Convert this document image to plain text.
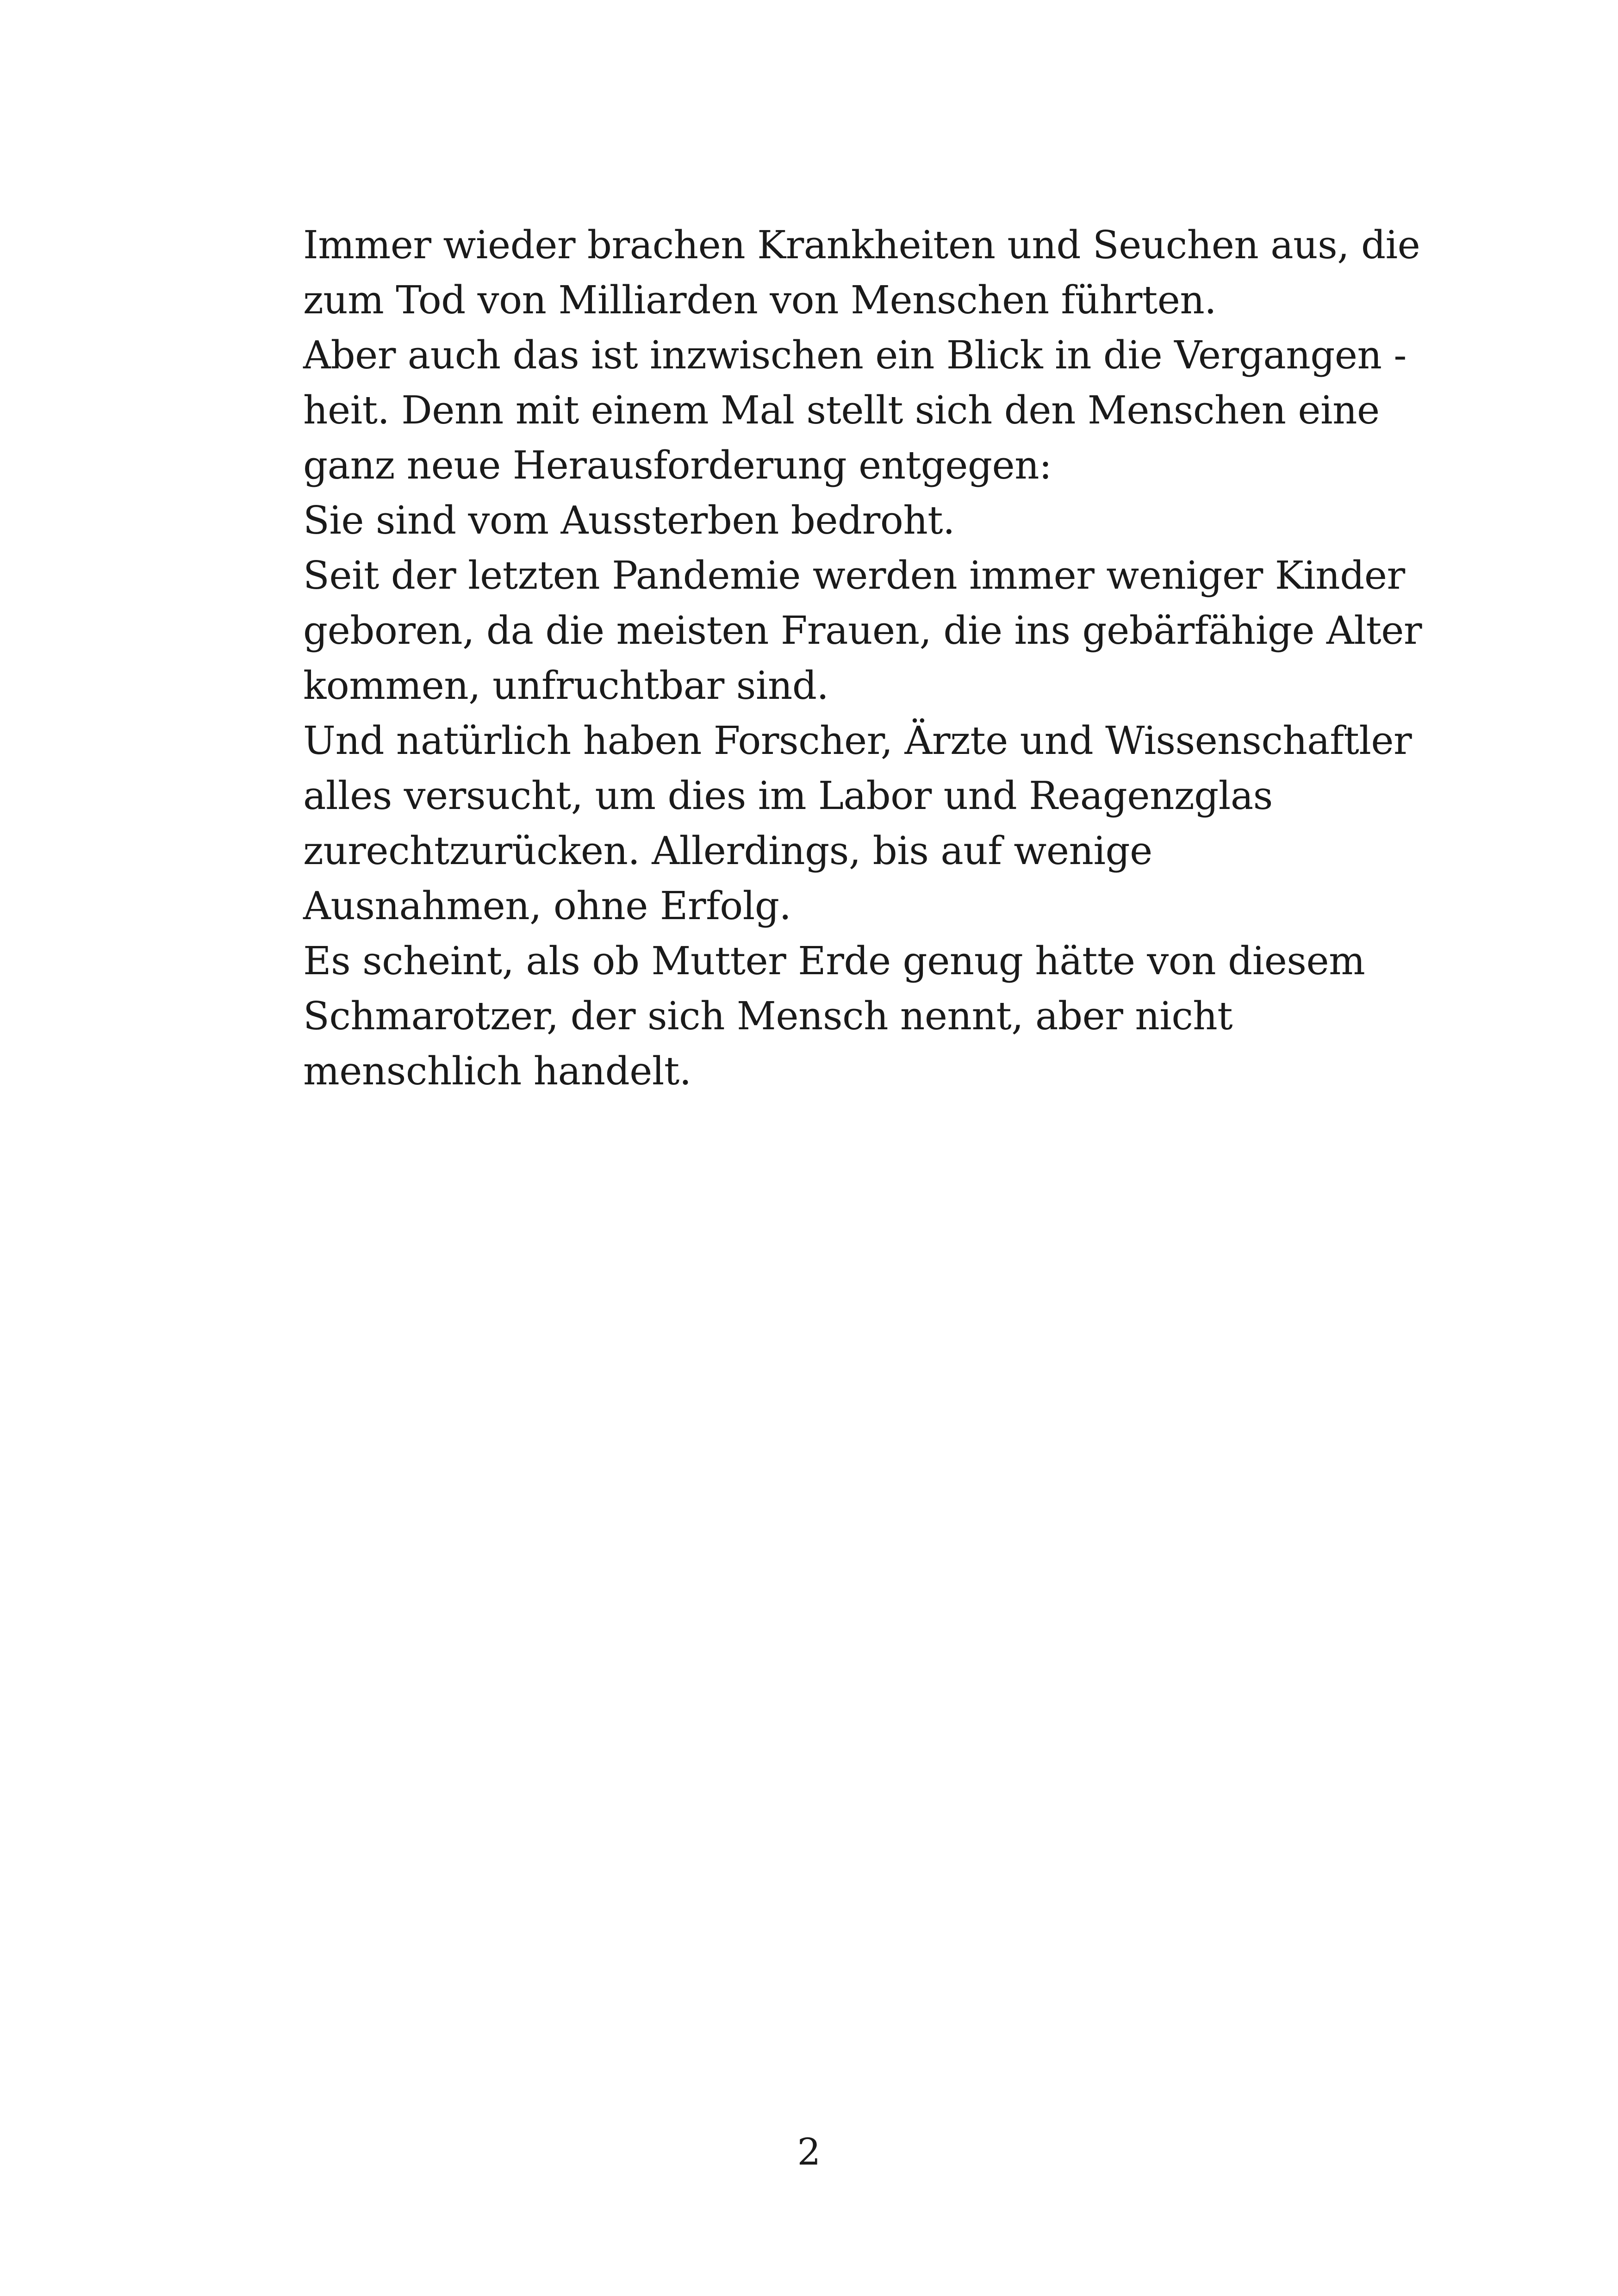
Immer wieder brachen Krankheiten und Seuchen aus, die
zum Tod von Milliarden von Menschen führten.
Aber auch das ist inzwischen ein Blick in die Vergangen -
heit. Denn mit einem Mal stellt sich den Menschen eine
ganz neue Herausforderung entgegen:
Sie sind vom Aussterben bedroht.
Seit der letzten Pandemie werden immer weniger Kinder
geboren, da die meisten Frauen, die ins gebärfähige Alter
kommen, unfruchtbar sind.
Und natürlich haben Forscher, Ärzte und Wissenschaftler
alles versucht, um dies im Labor und Reagenzglas
zurechtzurücken. Allerdings, bis auf wenige
Ausnahmen, ohne Erfolg.
Es scheint, als ob Mutter Erde genug hätte von diesem
Schmarotzer, der sich Mensch nennt, aber nicht
menschlich handelt.
2
